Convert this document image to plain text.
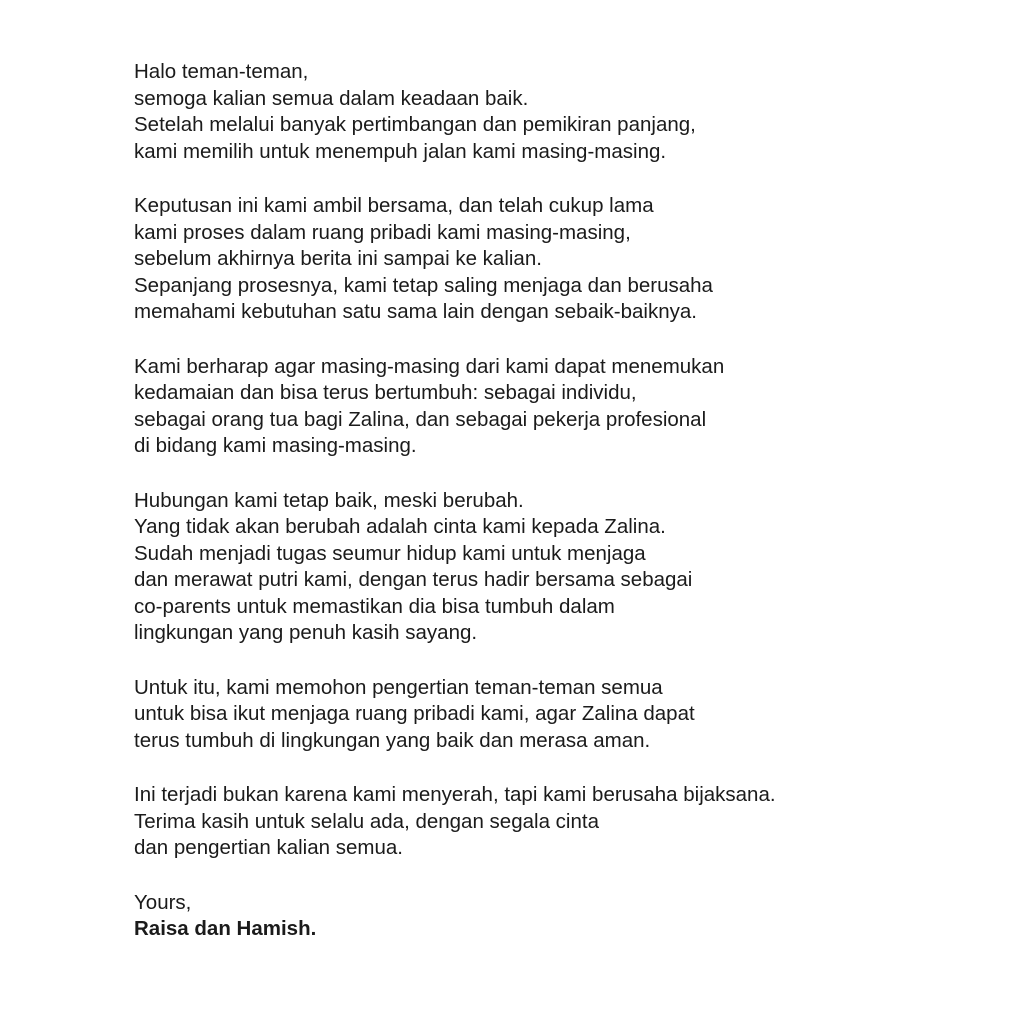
Halo teman-teman,
semoga kalian semua dalam keadaan baik.
Setelah melalui banyak pertimbangan dan pemikiran panjang,
kami memilih untuk menempuh jalan kami masing-masing.
Keputusan ini kami ambil bersama, dan telah cukup lama
kami proses dalam ruang pribadi kami masing-masing,
sebelum akhirnya berita ini sampai ke kalian.
Sepanjang prosesnya, kami tetap saling menjaga dan berusaha
memahami kebutuhan satu sama lain dengan sebaik-baiknya.
Kami berharap agar masing-masing dari kami dapat menemukan
kedamaian dan bisa terus bertumbuh: sebagai individu,
sebagai orang tua bagi Zalina, dan sebagai pekerja profesional
di bidang kami masing-masing.
Hubungan kami tetap baik, meski berubah.
Yang tidak akan berubah adalah cinta kami kepada Zalina.
Sudah menjadi tugas seumur hidup kami untuk menjaga
dan merawat putri kami, dengan terus hadir bersama sebagai
co-parents untuk memastikan dia bisa tumbuh dalam
lingkungan yang penuh kasih sayang.
Untuk itu, kami memohon pengertian teman-teman semua
untuk bisa ikut menjaga ruang pribadi kami, agar Zalina dapat
terus tumbuh di lingkungan yang baik dan merasa aman.
Ini terjadi bukan karena kami menyerah, tapi kami berusaha bijaksana.
Terima kasih untuk selalu ada, dengan segala cinta
dan pengertian kalian semua.
Yours,
Raisa dan Hamish.
